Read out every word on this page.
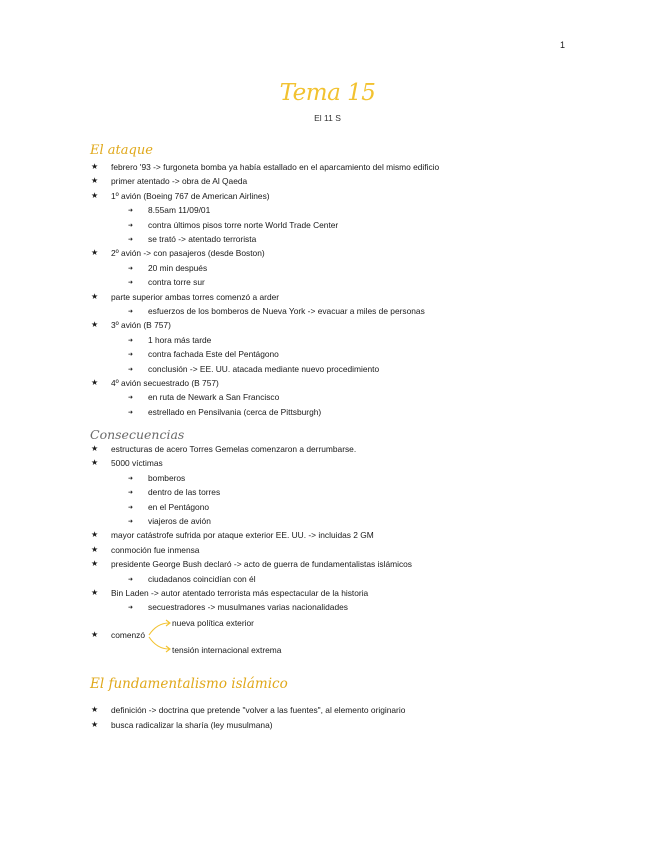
1
Tema 15
El 11 S
El ataque
★ febrero '93 -> furgoneta bomba ya había estallado en el aparcamiento del mismo edificio
★ primer atentado -> obra de Al Qaeda
★ 1º avión (Boeing 767 de American Airlines)
➜ 8.55am 11/09/01
➜ contra últimos pisos torre norte World Trade Center
➜ se trató -> atentado terrorista
★ 2º avión -> con pasajeros (desde Boston)
➜ 20 min después
➜ contra torre sur
★ parte superior ambas torres comenzó a arder
➜ esfuerzos de los bomberos de Nueva York -> evacuar a miles de personas
★ 3º avión (B 757)
➜ 1 hora más tarde
➜ contra fachada Este del Pentágono
➜ conclusión -> EE. UU. atacada mediante nuevo procedimiento
★ 4º avión secuestrado (B 757)
➜ en ruta de Newark a San Francisco
➜ estrellado en Pensilvania (cerca de Pittsburgh)
Consecuencias
★ estructuras de acero Torres Gemelas comenzaron a derrumbarse.
★ 5000 víctimas
➜ bomberos
➜ dentro de las torres
➜ en el Pentágono
➜ viajeros de avión
★ mayor catástrofe sufrida por ataque exterior EE. UU. -> incluidas 2 GM
★ conmoción fue inmensa
★ presidente George Bush declaró -> acto de guerra de fundamentalistas islámicos
➜ ciudadanos coincidían con él
★ Bin Laden -> autor atentado terrorista más espectacular de la historia
➜ secuestradores -> musulmanes varias nacionalidades
★ comenzó
nueva política exterior
tensión internacional extrema
El fundamentalismo islámico
★ definición -> doctrina que pretende "volver a las fuentes", al elemento originario
★ busca radicalizar la sharía (ley musulmana)
